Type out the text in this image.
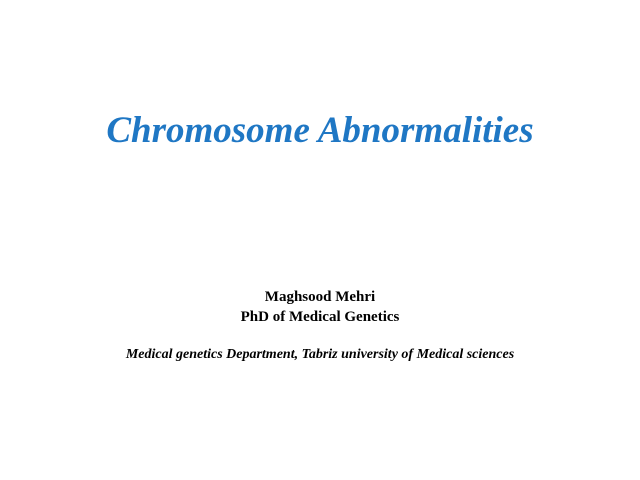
Chromosome Abnormalities
Maghsood Mehri
PhD of Medical Genetics
Medical genetics Department, Tabriz university of Medical sciences
